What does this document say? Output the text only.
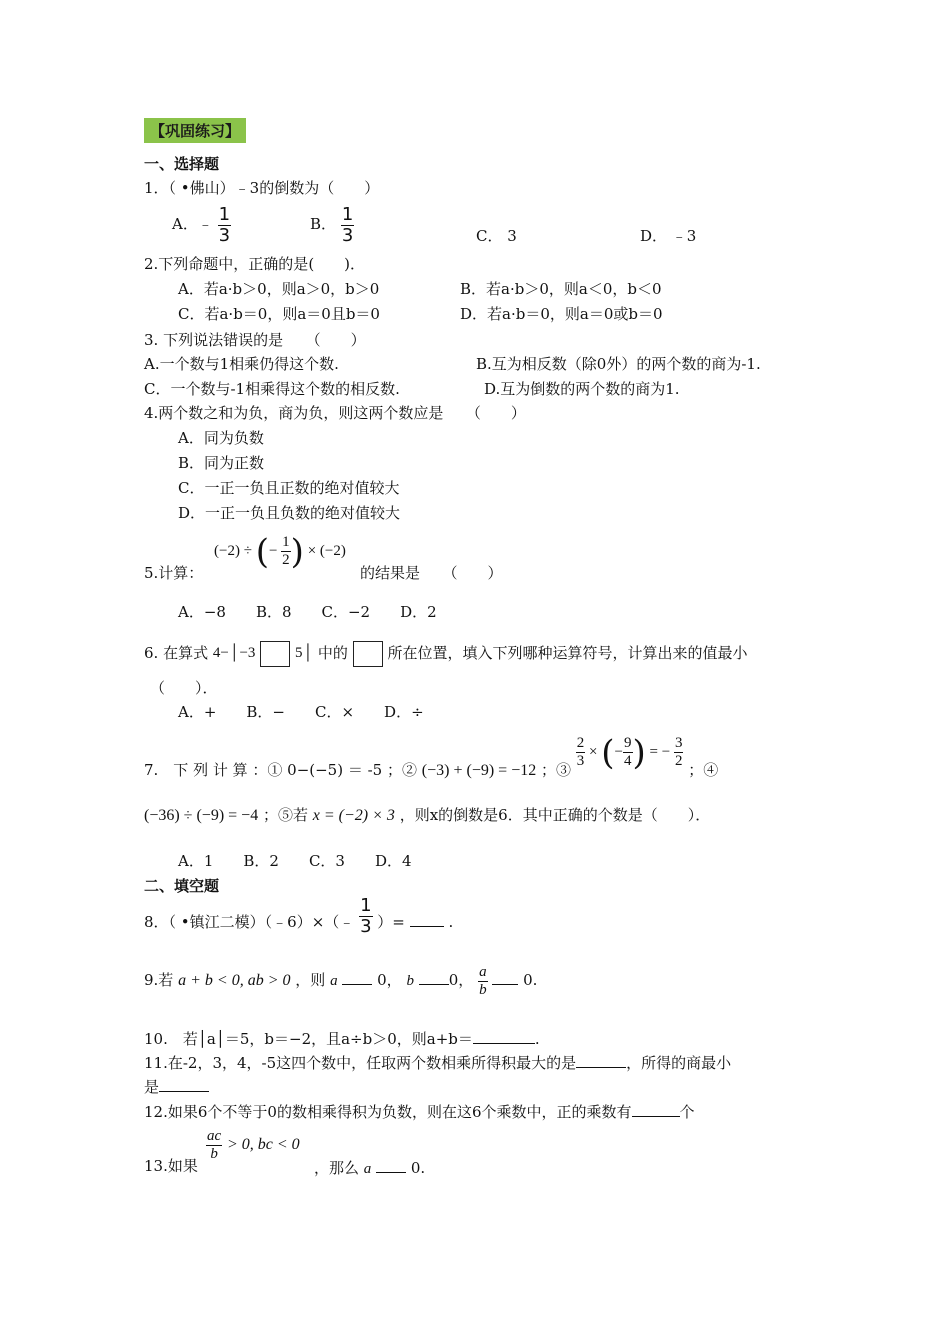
【巩固练习】
一、选择题
1．（ •佛山）﹣3的倒数为（　　）
A．﹣ $\frac{1}{3}$	B． $\frac{1}{3}$	C． 3	D． ﹣3
2.下列命题中，正确的是(　　)．
A．若a·b＞0，则a＞0，b＞0	B．若a·b＞0，则a＜0，b＜0
C．若a·b＝0，则a＝0且b＝0	D．若a·b＝0，则a＝0或b＝0
3. 下列说法错误的是　　（　　）
A.一个数与1相乘仍得这个数.	B.互为相反数（除0外）的两个数的商为-1.
C．一个数与-1相乘得这个数的相反数.	D.互为倒数的两个数的商为1.
4.两个数之和为负，商为负，则这两个数应是　　（　　）
A．同为负数
B．同为正数
C．一正一负且正数的绝对值较大
D．一正一负且负数的绝对值较大
(−2) ÷ (− $\frac{1}{2}$ ) × (−2)
5.计算：	的结果是　　（　　）
A．−8　　B．8　　C．−2　　D．2
6. 在算式 4−│−3	5│ 中的	所在位置，填入下列哪种运算符号，计算出来的值最小
（　　）．
A．+　　B．−　　C．×　　D．÷
7.　下 列 计 算 ：① 0−(−5) ＝ -5 ；② (−3) + (−9) = −12 ；③
$\frac{2}{3}$ × (− $\frac{9}{4}$ ) = − $\frac{3}{2}$
；④
(−36) ÷ (−9) = −4 ；⑤若 x = (−2) × 3 ，则x的倒数是6．其中正确的个数是（　　）．
A．1　　B．2　　C．3　　D．4
二、填空题
8．（ •镇江二模）（﹣6）×（﹣ $\frac{1}{3}$ ）=	.
9.若 a + b < 0, ab > 0 ，则 a	0， b 0， $\frac{a}{b} 0$.
10.　若│a│＝5，b＝−2，且a÷b＞0，则a+b＝	.
11.在-2，3，4，-5这四个数中，任取两个数相乘所得积最大的是	，所得的商最小
是
12.如果6个不等于0的数相乘得积为负数，则在这6个乘数中，正的乘数有	个
$\frac{ac}{b} > 0$, bc < 0
13.如果	，那么 a	0.
